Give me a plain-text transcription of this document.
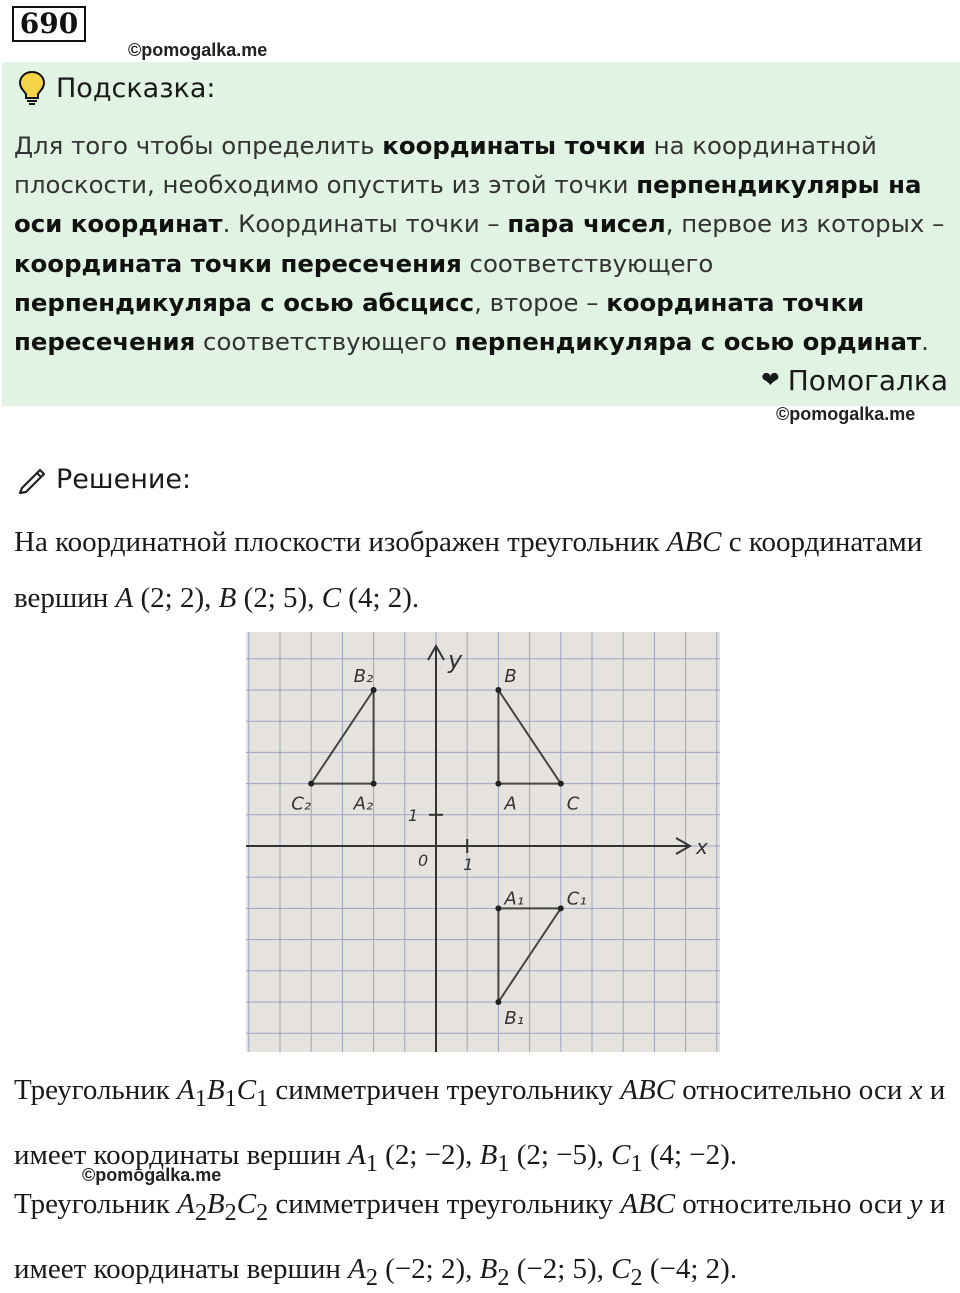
690
©pomogalka.me
Подсказка:
Для того чтобы определить координаты точки на координатной плоскости, необходимо опустить из этой точки перпендикуляры на оси координат. Координаты точки – пара чисел, первое из которых – координата точки пересечения соответствующего перпендикуляра с осью абсцисс, второе – координата точки пересечения соответствующего перпендикуляра с осью ординат.
❤ Помогалка
©pomogalka.me
Решение:
На координатной плоскости изображен треугольник ABC с координатами вершин A (2; 2), B (2; 5), C (4; 2).
x
y
0 1
1
A
B
C
A₁
B₁
C₁
A₂
B₂
C₂
Треугольник $A_1B_1C_1$ симметричен треугольнику ABC относительно оси x и имеет координаты вершин $A_1$ (2; −2), $B_1$ (2; −5), $C_1$ (4; −2).
©pomogalka.me
Треугольник $A_2B_2C_2$ симметричен треугольнику ABC относительно оси y и имеет координаты вершин $A_2$ (−2; 2), $B_2$ (−2; 5), $C_2$ (−4; 2).
